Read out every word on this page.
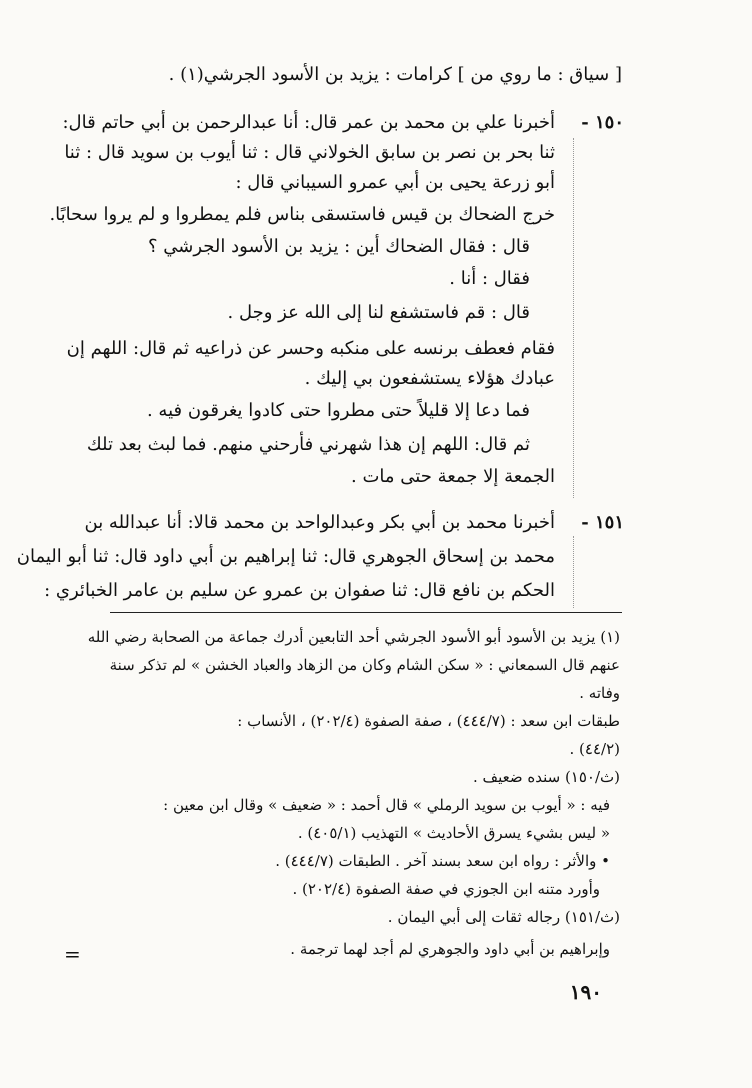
[ سياق : ما روي من ] كرامات : يزيد بن الأسود الجرشي(١) .
١٥٠ -
أخبرنا علي بن محمد بن عمر قال: أنا عبدالرحمن بن أبي حاتم قال:
ثنا بحر بن نصر بن سابق الخولاني قال : ثنا أيوب بن سويد قال : ثنا
أبو زرعة يحيى بن أبي عمرو السيباني قال :
خرج الضحاك بن قيس فاستسقى بناس فلم يمطروا و لم يروا سحابًا.
قال : فقال الضحاك أين : يزيد بن الأسود الجرشي ؟
فقال : أنا .
قال : قم فاستشفع لنا إلى الله عز وجل .
فقام فعطف برنسه على منكبه وحسر عن ذراعيه ثم قال: اللهم إن
عبادك هؤلاء يستشفعون بي إليك .
فما دعا إلا قليلاً حتى مطروا حتى كادوا يغرقون فيه .
ثم قال: اللهم إن هذا شهرني فأرحني منهم. فما لبث بعد تلك
الجمعة إلا جمعة حتى مات .
١٥١ -
أخبرنا محمد بن أبي بكر وعبدالواحد بن محمد قالا: أنا عبدالله بن
محمد بن إسحاق الجوهري قال: ثنا إبراهيم بن أبي داود قال: ثنا أبو اليمان
الحكم بن نافع قال: ثنا صفوان بن عمرو عن سليم بن عامر الخبائري :
(١) يزيد بن الأسود أبو الأسود الجرشي أحد التابعين أدرك جماعة من الصحابة رضي الله
عنهم قال السمعاني : « سكن الشام وكان من الزهاد والعباد الخشن » لم تذكر سنة
وفاته .
طبقات ابن سعد : (٤٤٤/٧) ، صفة الصفوة (٢٠٢/٤) ، الأنساب :
(٤٤/٢) .
(ث/١٥٠) سنده ضعيف .
فيه : « أيوب بن سويد الرملي » قال أحمد : « ضعيف » وقال ابن معين :
« ليس بشيء يسرق الأحاديث » التهذيب (٤٠٥/١) .
• والأثر : رواه ابن سعد بسند آخر . الطبقات (٤٤٤/٧) .
وأورد متنه ابن الجوزي في صفة الصفوة (٢٠٢/٤) .
(ث/١٥١) رجاله ثقات إلى أبي اليمان .
وإبراهيم بن أبي داود والجوهري لم أجد لهما ترجمة .
=
١٩٠
